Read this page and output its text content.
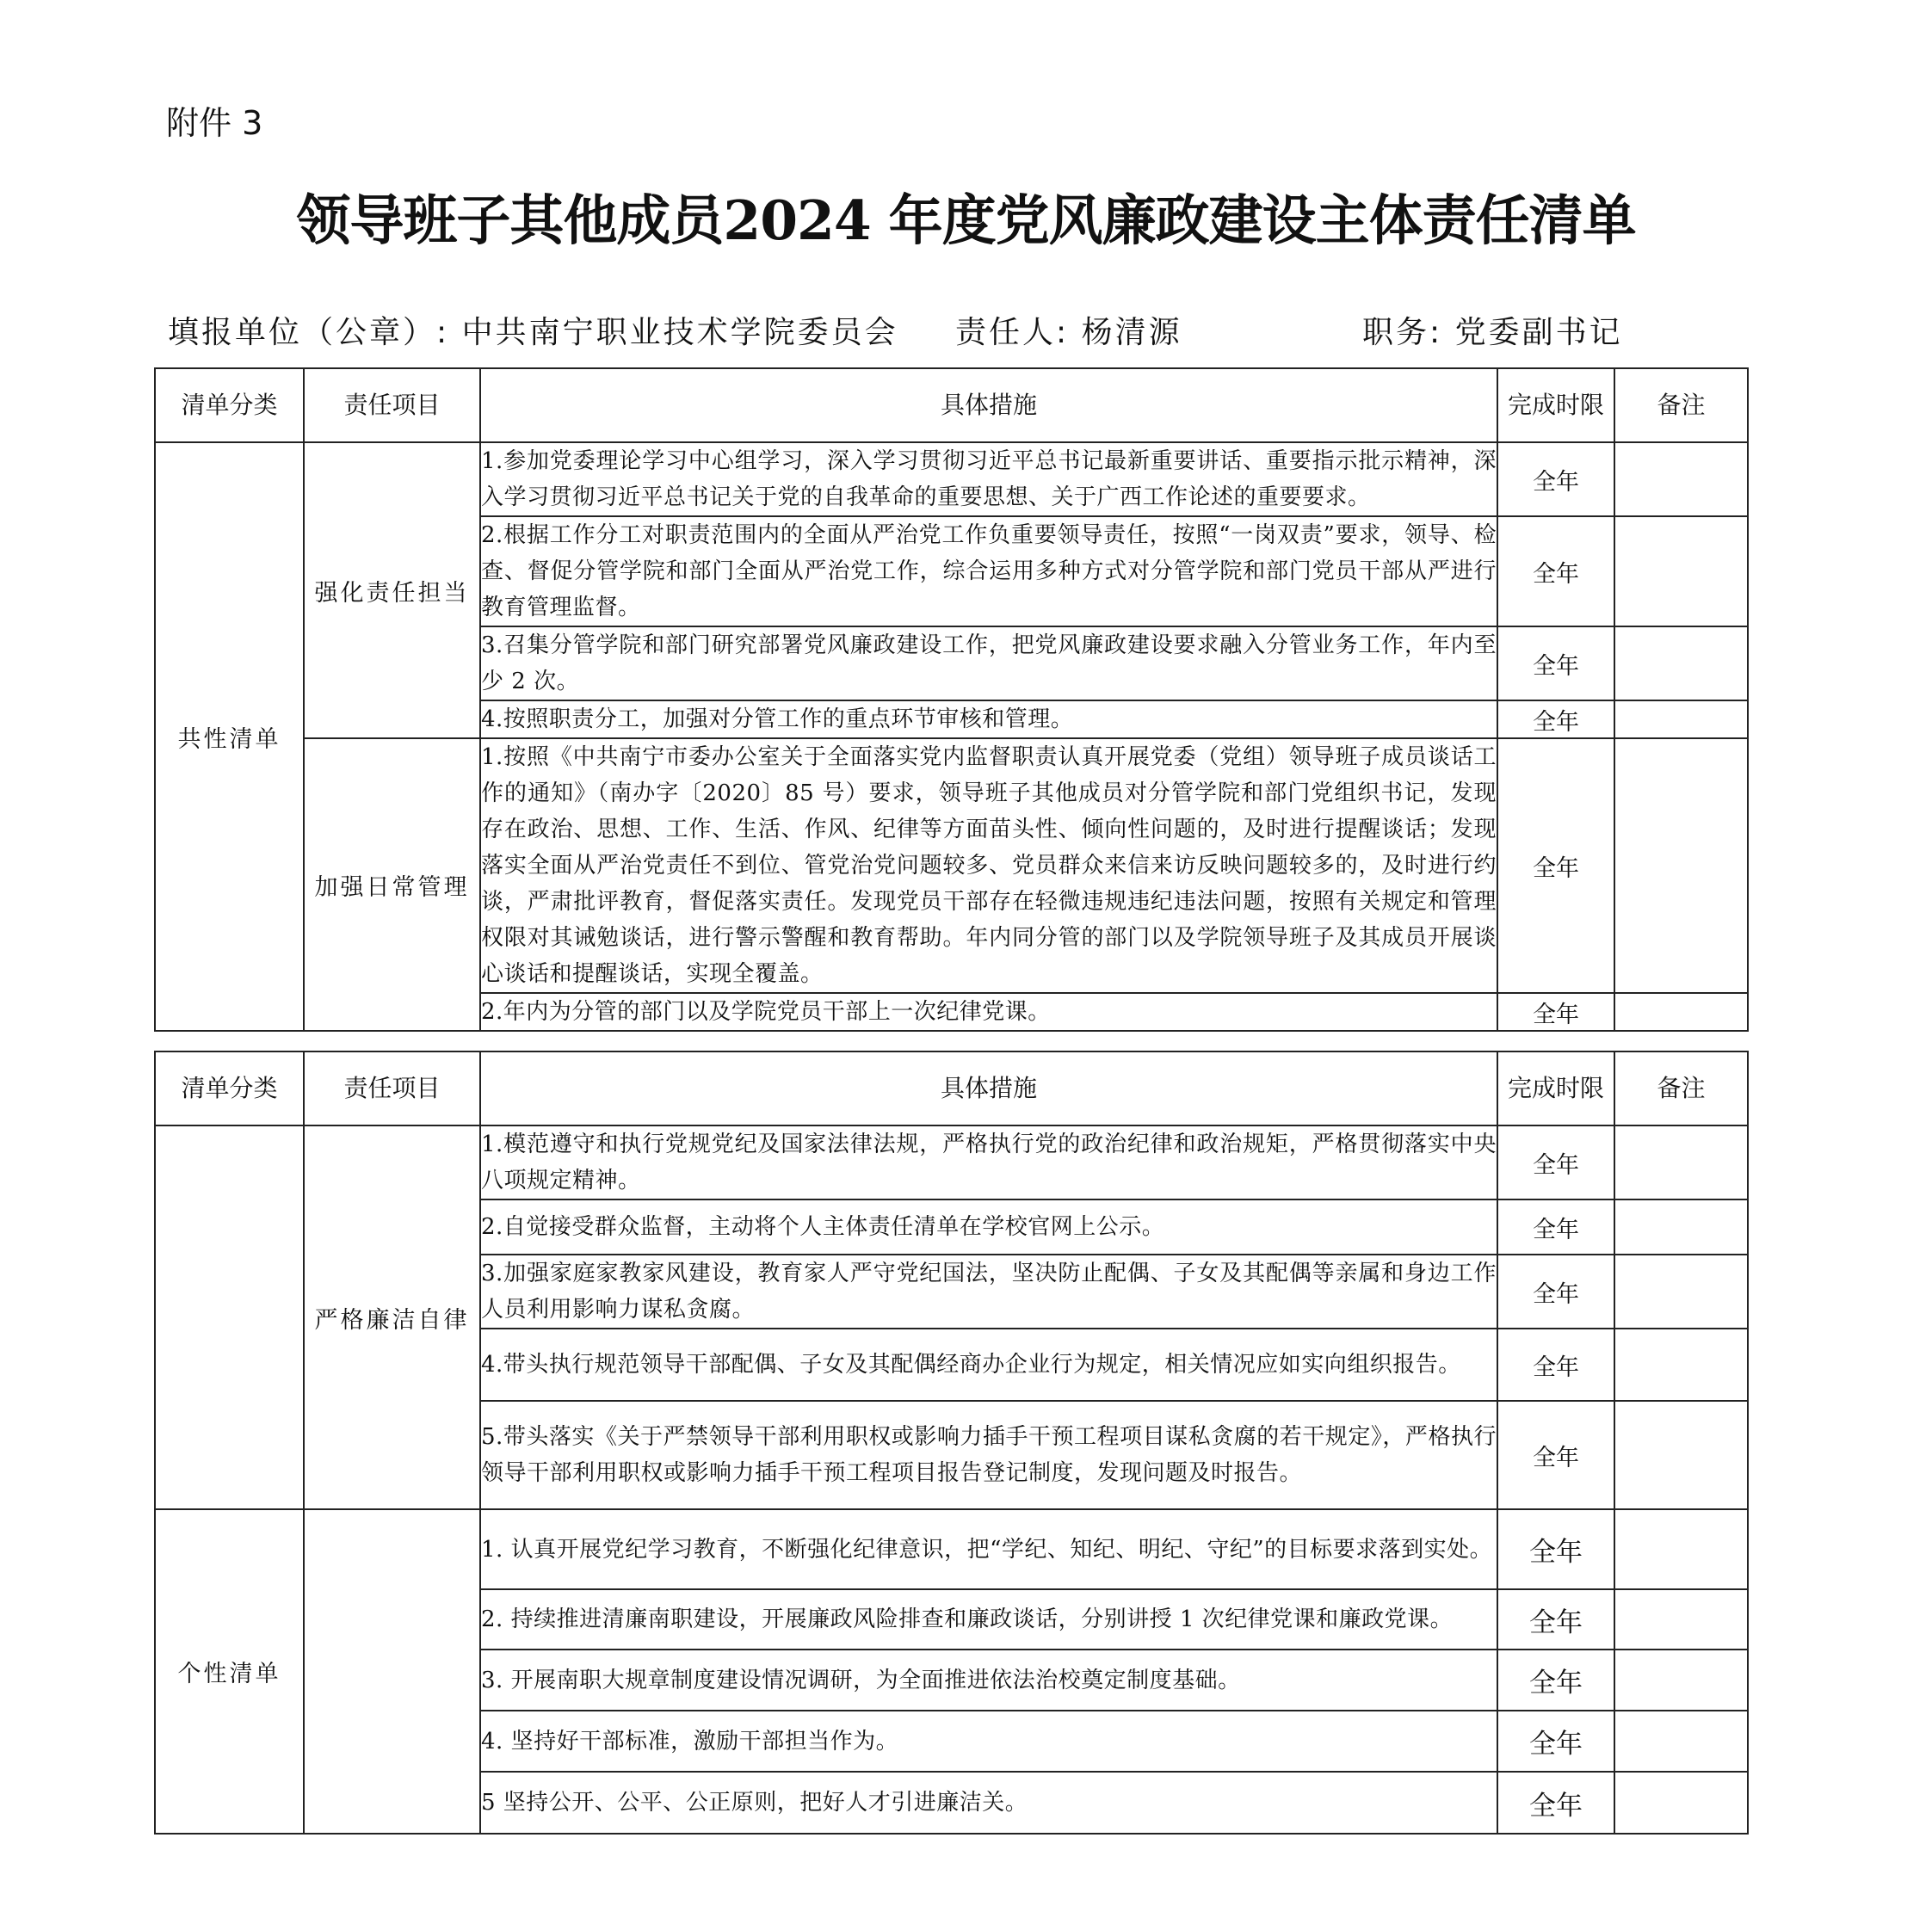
附件 3
领导班子其他成员2024 年度党风廉政建设主体责任清单
填报单位（公章）: 中共南宁职业技术学院委员会 责任人: 杨清源	职务: 党委副书记
清单分类	责任项目	具体措施	完成时限	备注
共性清单	强化责任担当	1.参加党委理论学习中心组学习，深入学习贯彻习近平总书记最新重要讲话、重要指示批示精神，深入学习贯彻习近平总书记关于党的自我革命的重要思想、关于广西工作论述的重要要求。	全年	
		2.根据工作分工对职责范围内的全面从严治党工作负重要领导责任，按照“一岗双责”要求，领导、检查、督促分管学院和部门全面从严治党工作，综合运用多种方式对分管学院和部门党员干部从严进行教育管理监督。	全年	
		3.召集分管学院和部门研究部署党风廉政建设工作，把党风廉政建设要求融入分管业务工作，年内至少 2 次。	全年	
		4.按照职责分工，加强对分管工作的重点环节审核和管理。	全年	
	加强日常管理	1.按照《中共南宁市委办公室关于全面落实党内监督职责认真开展党委（党组）领导班子成员谈话工作的通知》（南办字〔2020〕85 号）要求，领导班子其他成员对分管学院和部门党组织书记，发现存在政治、思想、工作、生活、作风、纪律等方面苗头性、倾向性问题的，及时进行提醒谈话；发现落实全面从严治党责任不到位、管党治党问题较多、党员群众来信来访反映问题较多的，及时进行约谈，严肃批评教育，督促落实责任。发现党员干部存在轻微违规违纪违法问题，按照有关规定和管理权限对其诫勉谈话，进行警示警醒和教育帮助。年内同分管的部门以及学院领导班子及其成员开展谈心谈话和提醒谈话，实现全覆盖。	全年	
		2.年内为分管的部门以及学院党员干部上一次纪律党课。	全年	
清单分类	责任项目	具体措施	完成时限	备注
	严格廉洁自律	1.模范遵守和执行党规党纪及国家法律法规，严格执行党的政治纪律和政治规矩，严格贯彻落实中央八项规定精神。	全年	
		2.自觉接受群众监督，主动将个人主体责任清单在学校官网上公示。	全年	
		3.加强家庭家教家风建设，教育家人严守党纪国法，坚决防止配偶、子女及其配偶等亲属和身边工作人员利用影响力谋私贪腐。	全年	
		4.带头执行规范领导干部配偶、子女及其配偶经商办企业行为规定，相关情况应如实向组织报告。	全年	
		5.带头落实《关于严禁领导干部利用职权或影响力插手干预工程项目谋私贪腐的若干规定》，严格执行领导干部利用职权或影响力插手干预工程项目报告登记制度，发现问题及时报告。	全年	
个性清单		1. 认真开展党纪学习教育，不断强化纪律意识，把“学纪、知纪、明纪、守纪”的目标要求落到实处。	全年	
		2. 持续推进清廉南职建设，开展廉政风险排查和廉政谈话，分别讲授 1 次纪律党课和廉政党课。	全年	
		3. 开展南职大规章制度建设情况调研，为全面推进依法治校奠定制度基础。	全年	
		4. 坚持好干部标准，激励干部担当作为。	全年	
		5 坚持公开、公平、公正原则，把好人才引进廉洁关。	全年	
